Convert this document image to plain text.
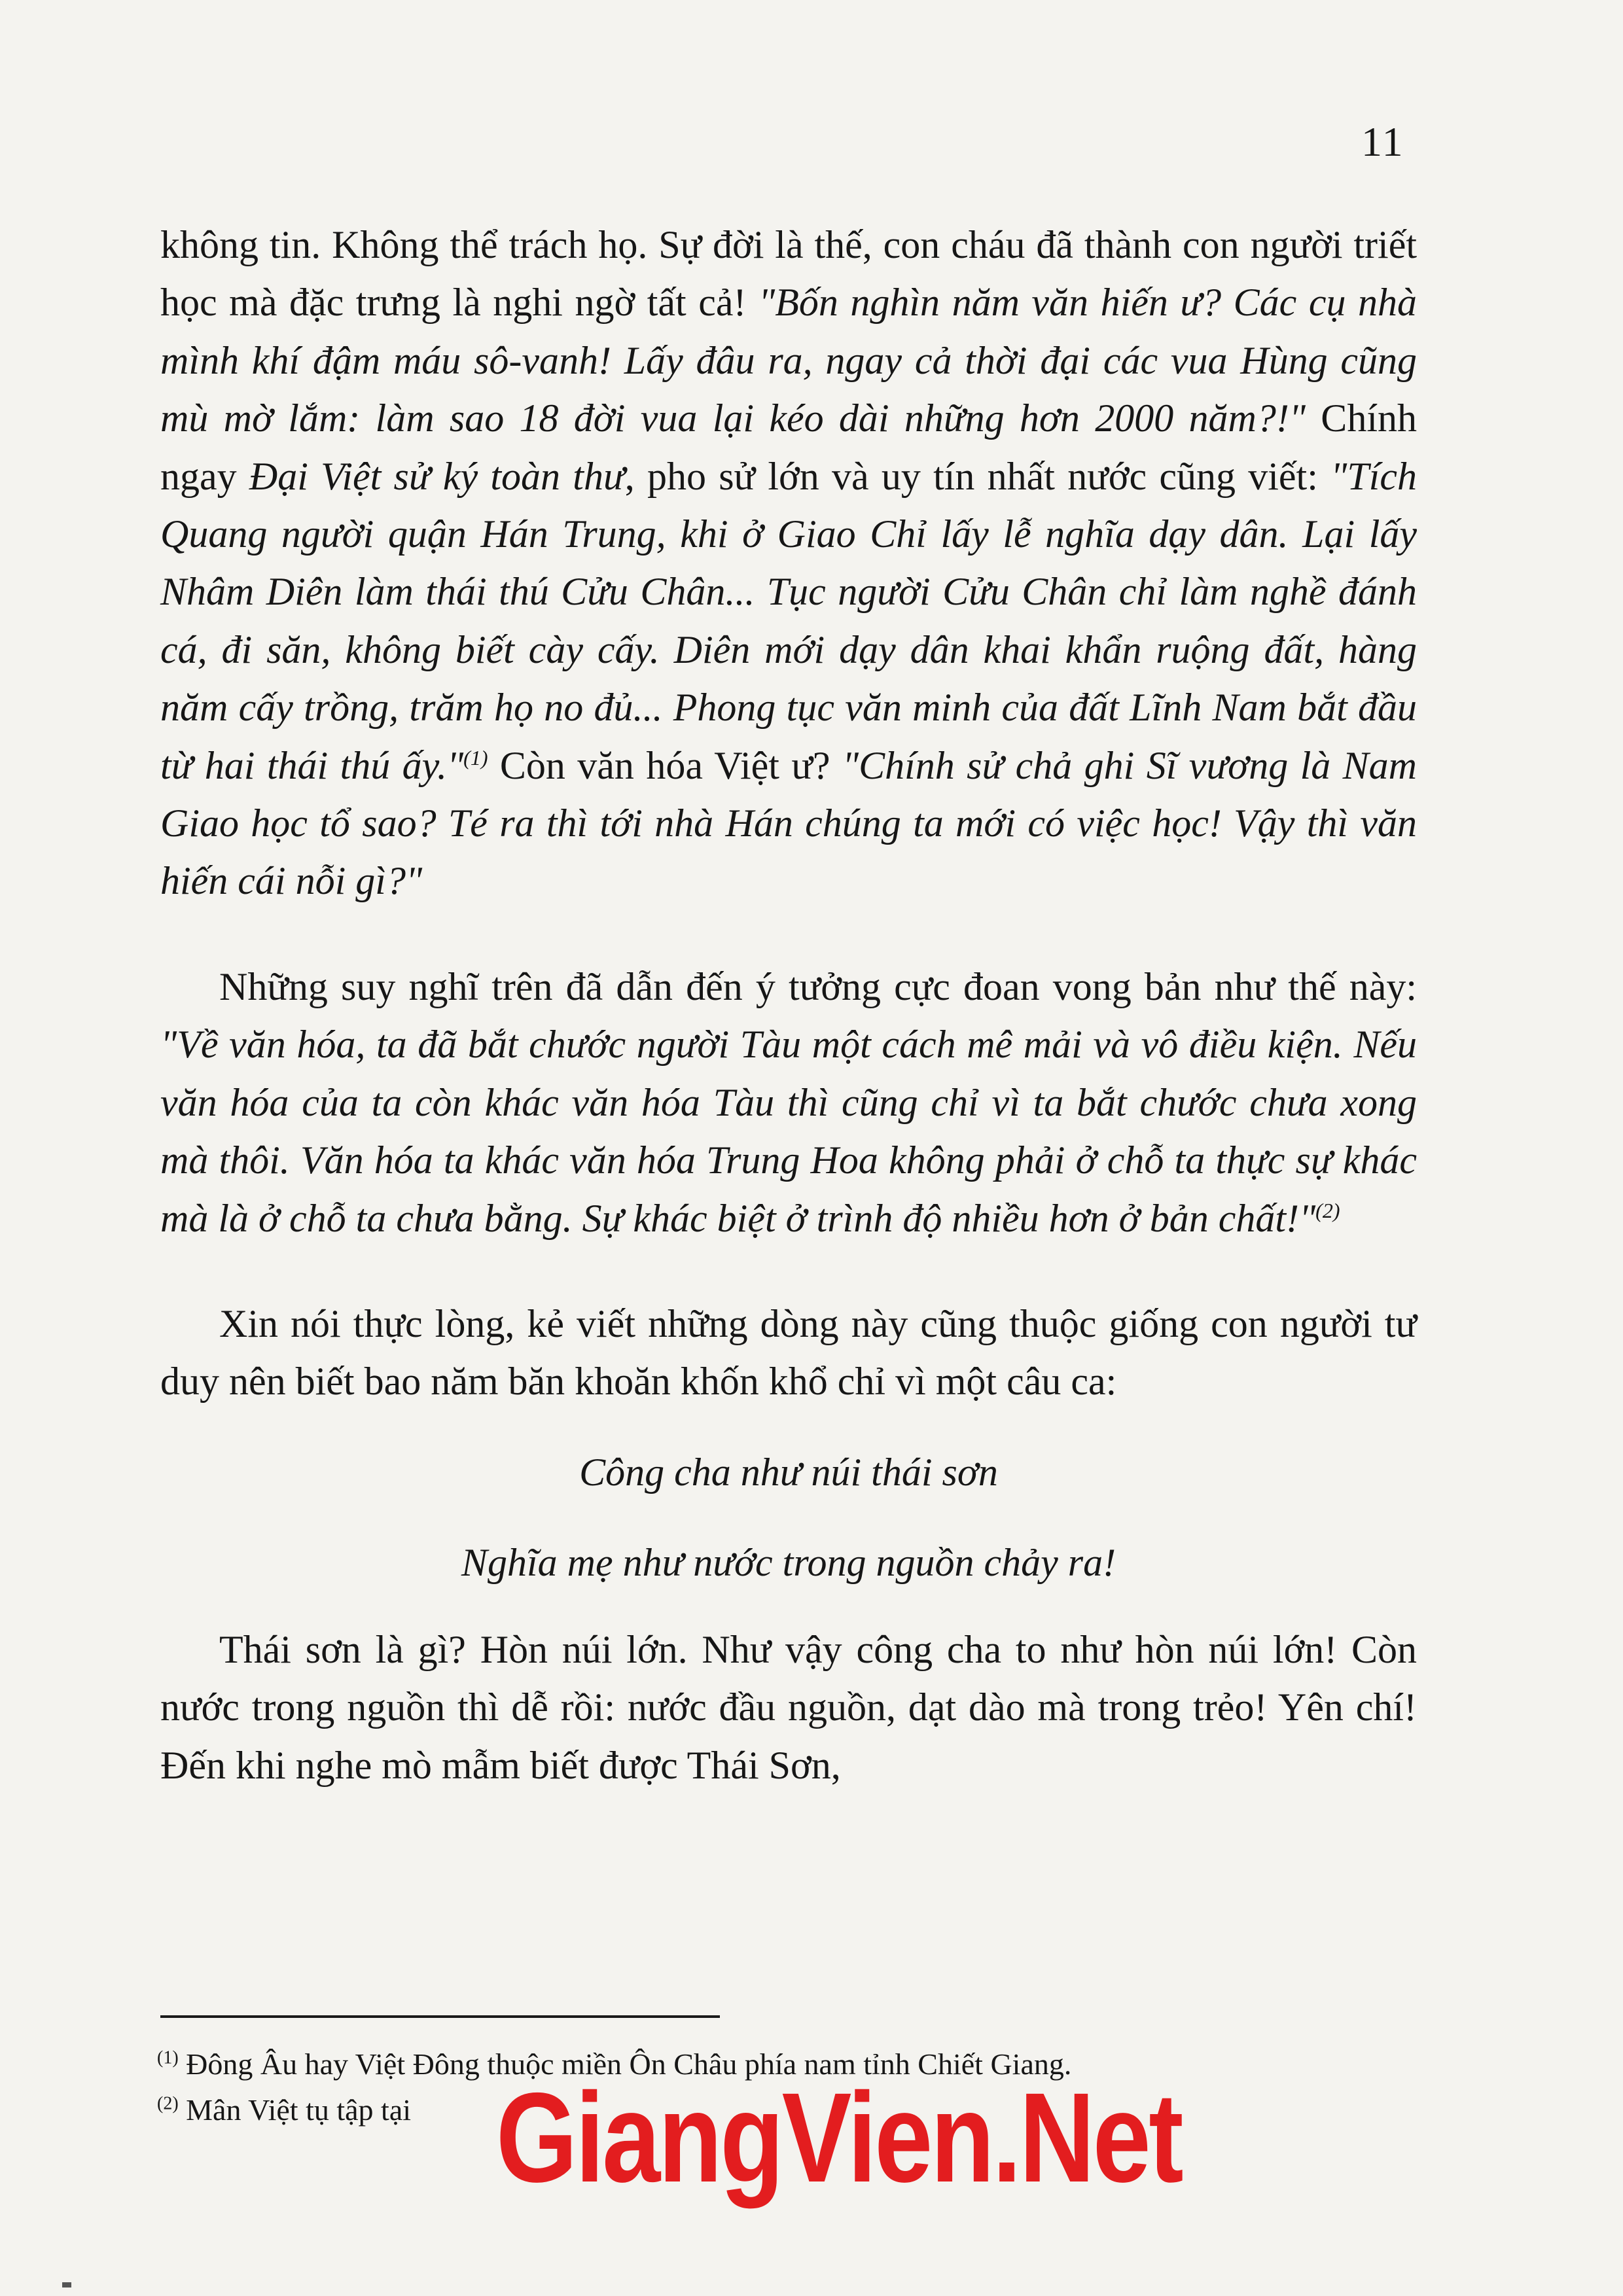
11

không tin. Không thể trách họ. Sự đời là thế, con cháu đã thành con người triết học mà đặc trưng là nghi ngờ tất cả! "Bốn nghìn năm văn hiến ư? Các cụ nhà mình khí đậm máu sô-vanh! Lấy đâu ra, ngay cả thời đại các vua Hùng cũng mù mờ lắm: làm sao 18 đời vua lại kéo dài những hơn 2000 năm?!" Chính ngay Đại Việt sử ký toàn thư, pho sử lớn và uy tín nhất nước cũng viết: "Tích Quang người quận Hán Trung, khi ở Giao Chỉ lấy lễ nghĩa dạy dân. Lại lấy Nhâm Diên làm thái thú Cửu Chân... Tục người Cửu Chân chỉ làm nghề đánh cá, đi săn, không biết cày cấy. Diên mới dạy dân khai khẩn ruộng đất, hàng năm cấy trồng, trăm họ no đủ... Phong tục văn minh của đất Lĩnh Nam bắt đầu từ hai thái thú ấy."$^{(1)}$ Còn văn hóa Việt ư? "Chính sử chả ghi Sĩ vương là Nam Giao học tổ sao? Té ra thì tới nhà Hán chúng ta mới có việc học! Vậy thì văn hiến cái nỗi gì?"

Những suy nghĩ trên đã dẫn đến ý tưởng cực đoan vong bản như thế này: "Về văn hóa, ta đã bắt chước người Tàu một cách mê mải và vô điều kiện. Nếu văn hóa của ta còn khác văn hóa Tàu thì cũng chỉ vì ta bắt chước chưa xong mà thôi. Văn hóa ta khác văn hóa Trung Hoa không phải ở chỗ ta thực sự khác mà là ở chỗ ta chưa bằng. Sự khác biệt ở trình độ nhiều hơn ở bản chất!"$^{(2)}$

Xin nói thực lòng, kẻ viết những dòng này cũng thuộc giống con người tư duy nên biết bao năm băn khoăn khốn khổ chỉ vì một câu ca:

Công cha như núi thái sơn

Nghĩa mẹ như nước trong nguồn chảy ra!

Thái sơn là gì? Hòn núi lớn. Như vậy công cha to như hòn núi lớn! Còn nước trong nguồn thì dễ rồi: nước đầu nguồn, dạt dào mà trong trẻo! Yên chí! Đến khi nghe mò mẫm biết được Thái Sơn,

$^{(1)}$ Đông Âu hay Việt Đông thuộc miền Ôn Châu phía nam tỉnh Chiết Giang.

$^{(2)}$ Mân Việt tụ tập tại GiangVien.Net
